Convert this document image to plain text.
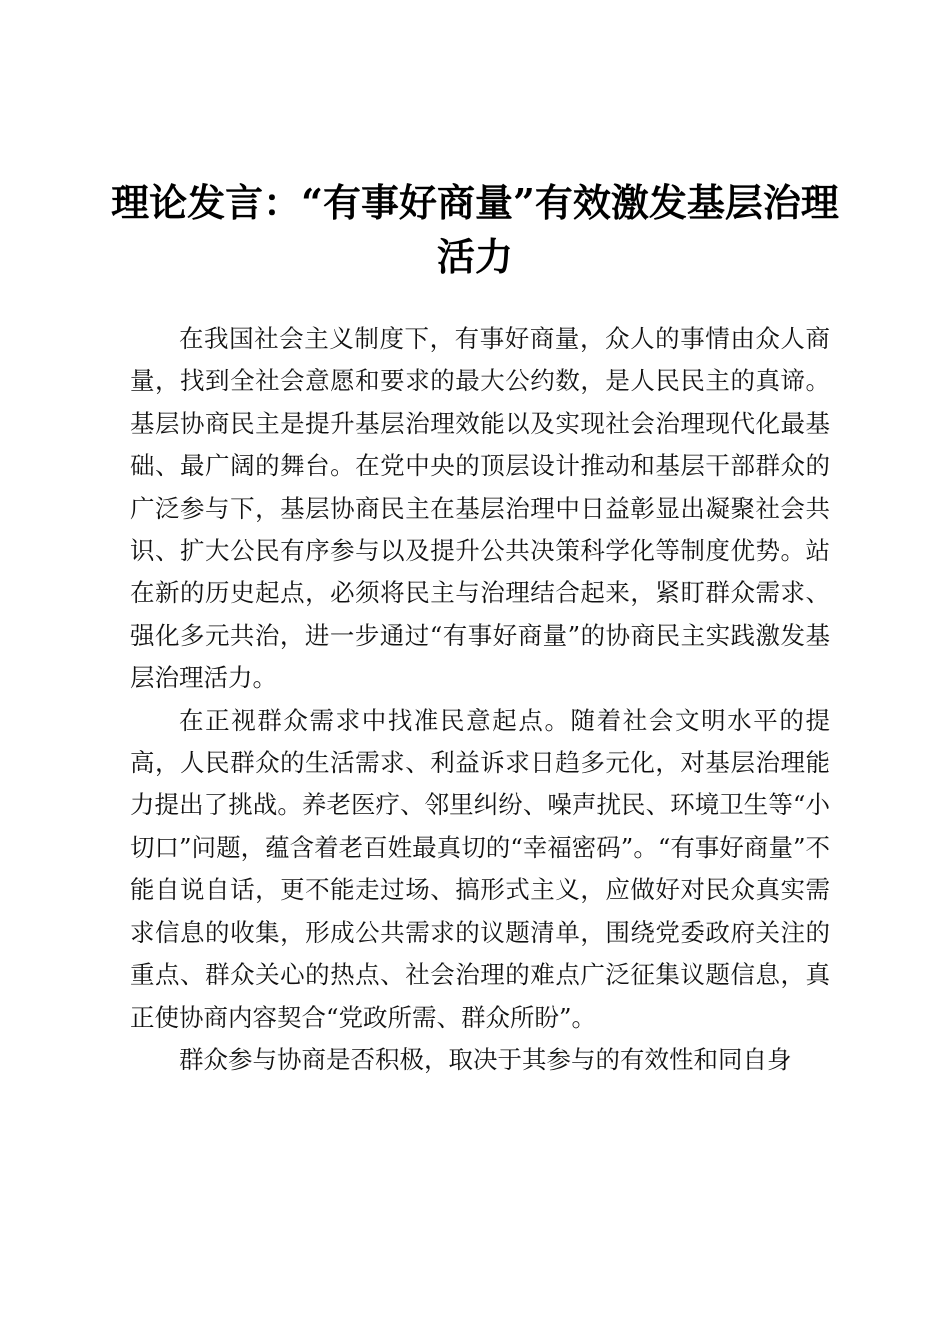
理论发言：“有事好商量”有效激发基层治理活力

在我国社会主义制度下，有事好商量，众人的事情由众人商量，找到全社会意愿和要求的最大公约数，是人民民主的真谛。基层协商民主是提升基层治理效能以及实现社会治理现代化最基础、最广阔的舞台。在党中央的顶层设计推动和基层干部群众的广泛参与下，基层协商民主在基层治理中日益彰显出凝聚社会共识、扩大公民有序参与以及提升公共决策科学化等制度优势。站在新的历史起点，必须将民主与治理结合起来，紧盯群众需求、强化多元共治，进一步通过“有事好商量”的协商民主实践激发基层治理活力。

在正视群众需求中找准民意起点。随着社会文明水平的提高，人民群众的生活需求、利益诉求日趋多元化，对基层治理能力提出了挑战。养老医疗、邻里纠纷、噪声扰民、环境卫生等“小切口”问题，蕴含着老百姓最真切的“幸福密码”。“有事好商量”不能自说自话，更不能走过场、搞形式主义，应做好对民众真实需求信息的收集，形成公共需求的议题清单，围绕党委政府关注的重点、群众关心的热点、社会治理的难点广泛征集议题信息，真正使协商内容契合“党政所需、群众所盼”。

群众参与协商是否积极，取决于其参与的有效性和同自身
